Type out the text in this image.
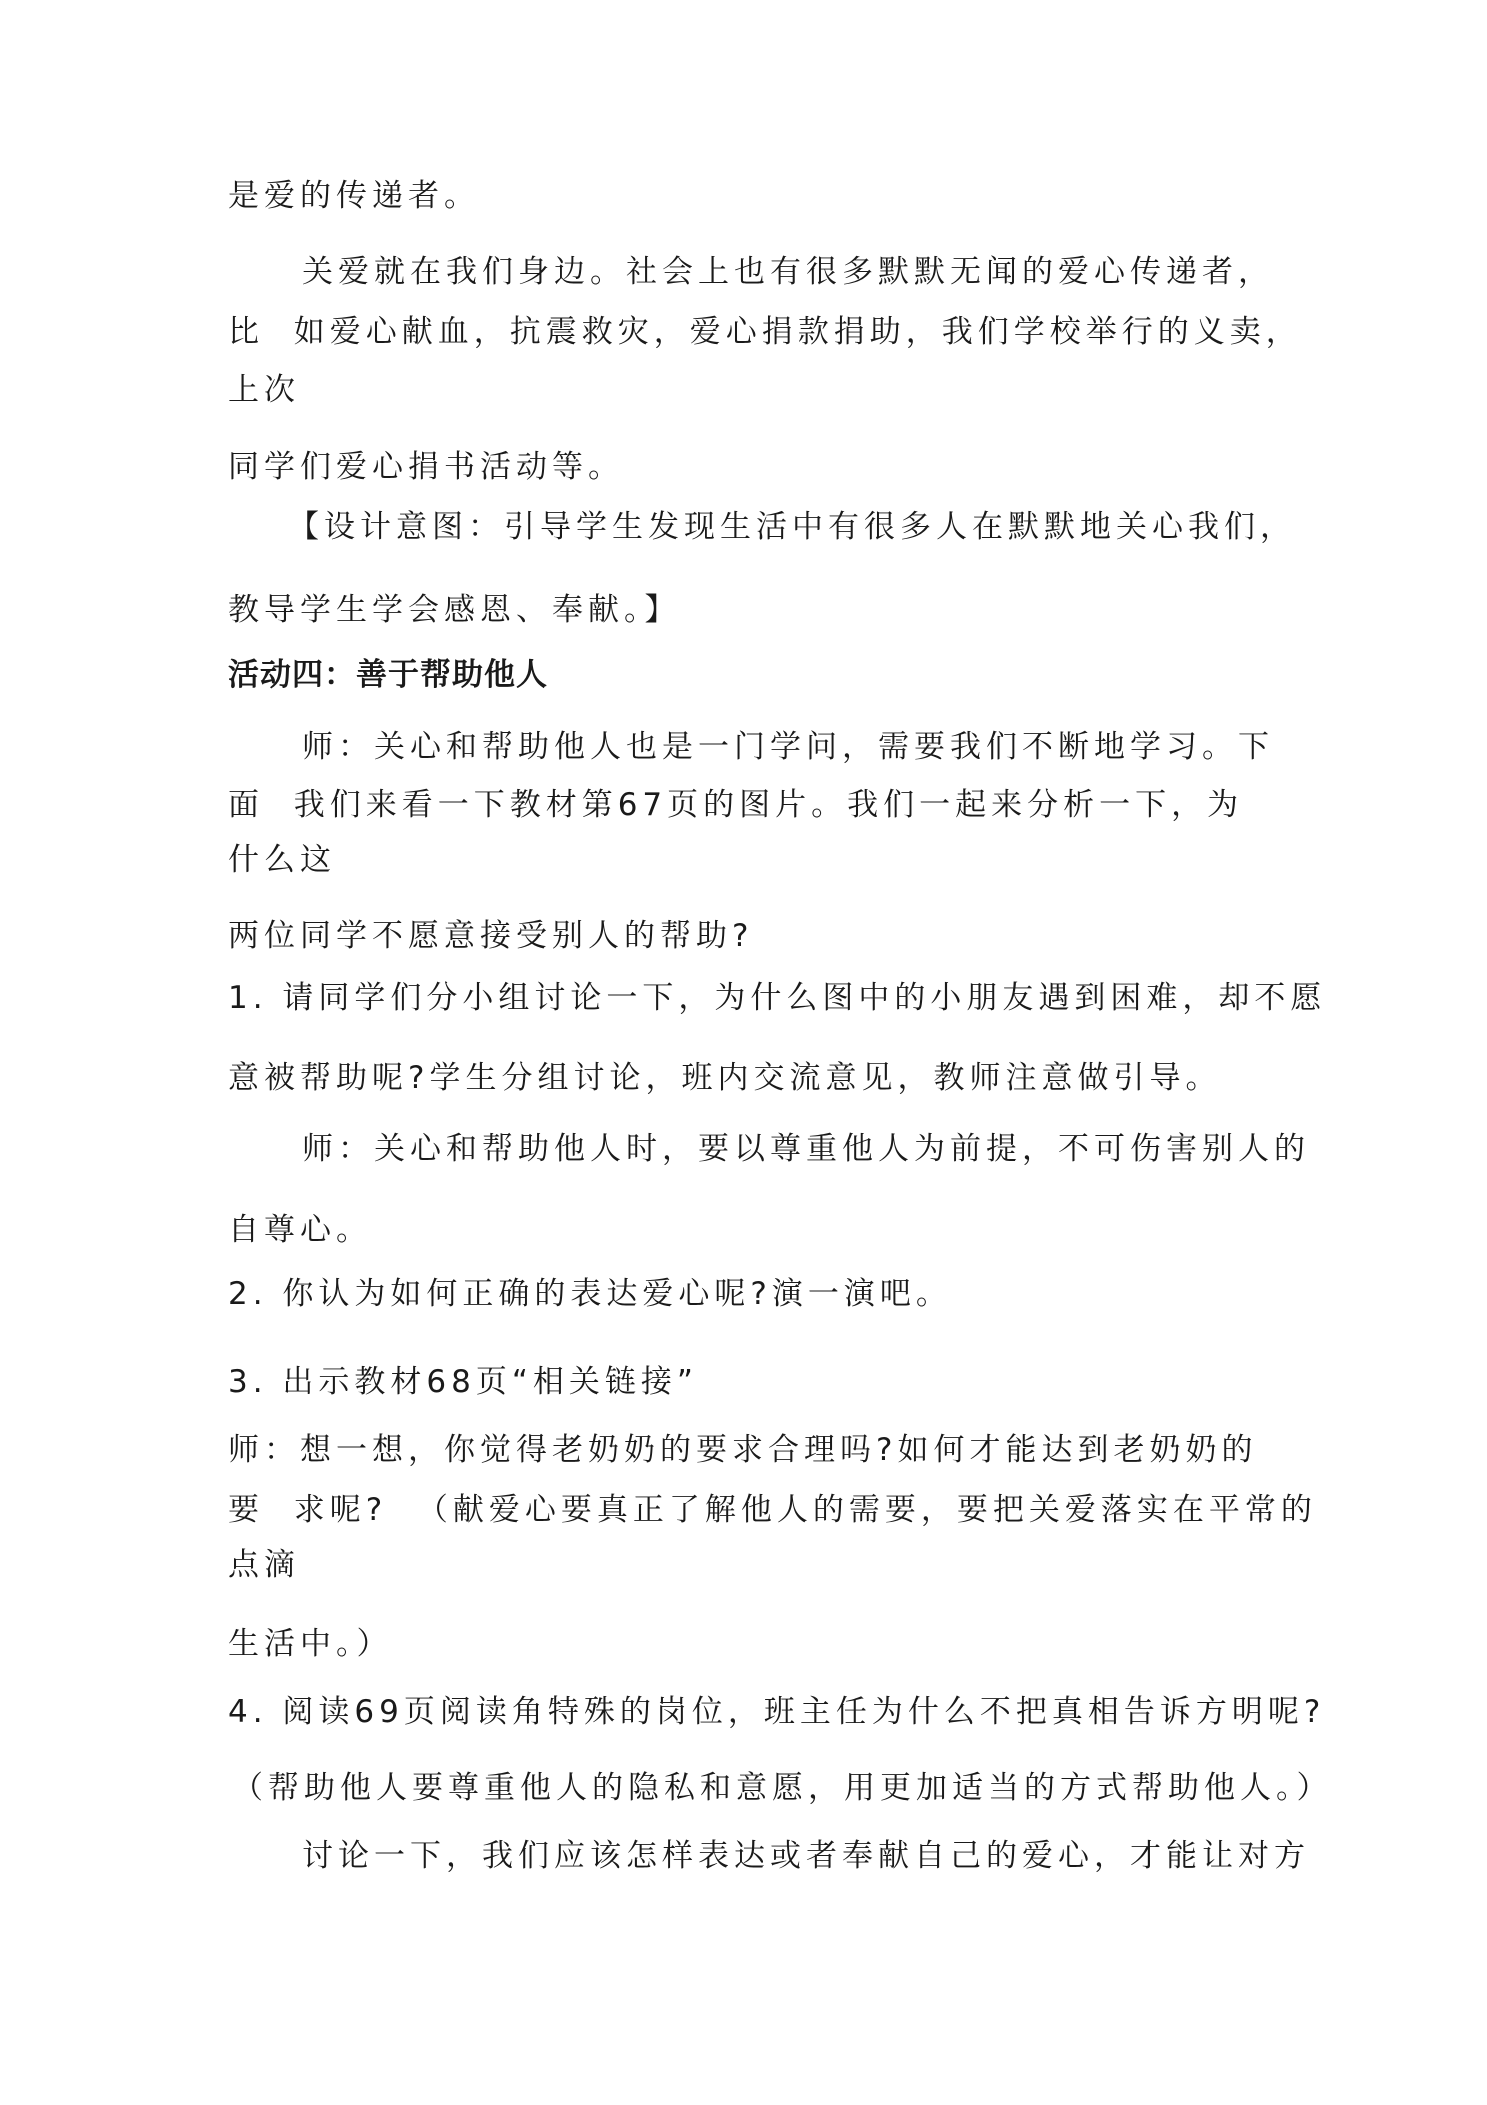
是爱的传递者。
关爱就在我们身边。社会上也有很多默默无闻的爱心传递者，
比  如爱心献血，抗震救灾，爱心捐款捐助，我们学校举行的义卖，
上次
同学们爱心捐书活动等。
【设计意图：引导学生发现生活中有很多人在默默地关心我们，
教导学生学会感恩、奉献。】
活动四：善于帮助他人
师：关心和帮助他人也是一门学问，需要我们不断地学习。下
面  我们来看一下教材第67页的图片。我们一起来分析一下，为
什么这
两位同学不愿意接受别人的帮助?
1. 请同学们分小组讨论一下，为什么图中的小朋友遇到困难，却不愿
意被帮助呢?学生分组讨论，班内交流意见，教师注意做引导。
师：关心和帮助他人时，要以尊重他人为前提，不可伤害别人的
自尊心。
2. 你认为如何正确的表达爱心呢?演一演吧。
3. 出示教材68页“相关链接”
师：想一想，你觉得老奶奶的要求合理吗?如何才能达到老奶奶的
要  求呢?  （献爱心要真正了解他人的需要，要把关爱落实在平常的
点滴
生活中。）
4. 阅读69页阅读角特殊的岗位，班主任为什么不把真相告诉方明呢?
（帮助他人要尊重他人的隐私和意愿，用更加适当的方式帮助他人。）
讨论一下，我们应该怎样表达或者奉献自己的爱心，才能让对方
